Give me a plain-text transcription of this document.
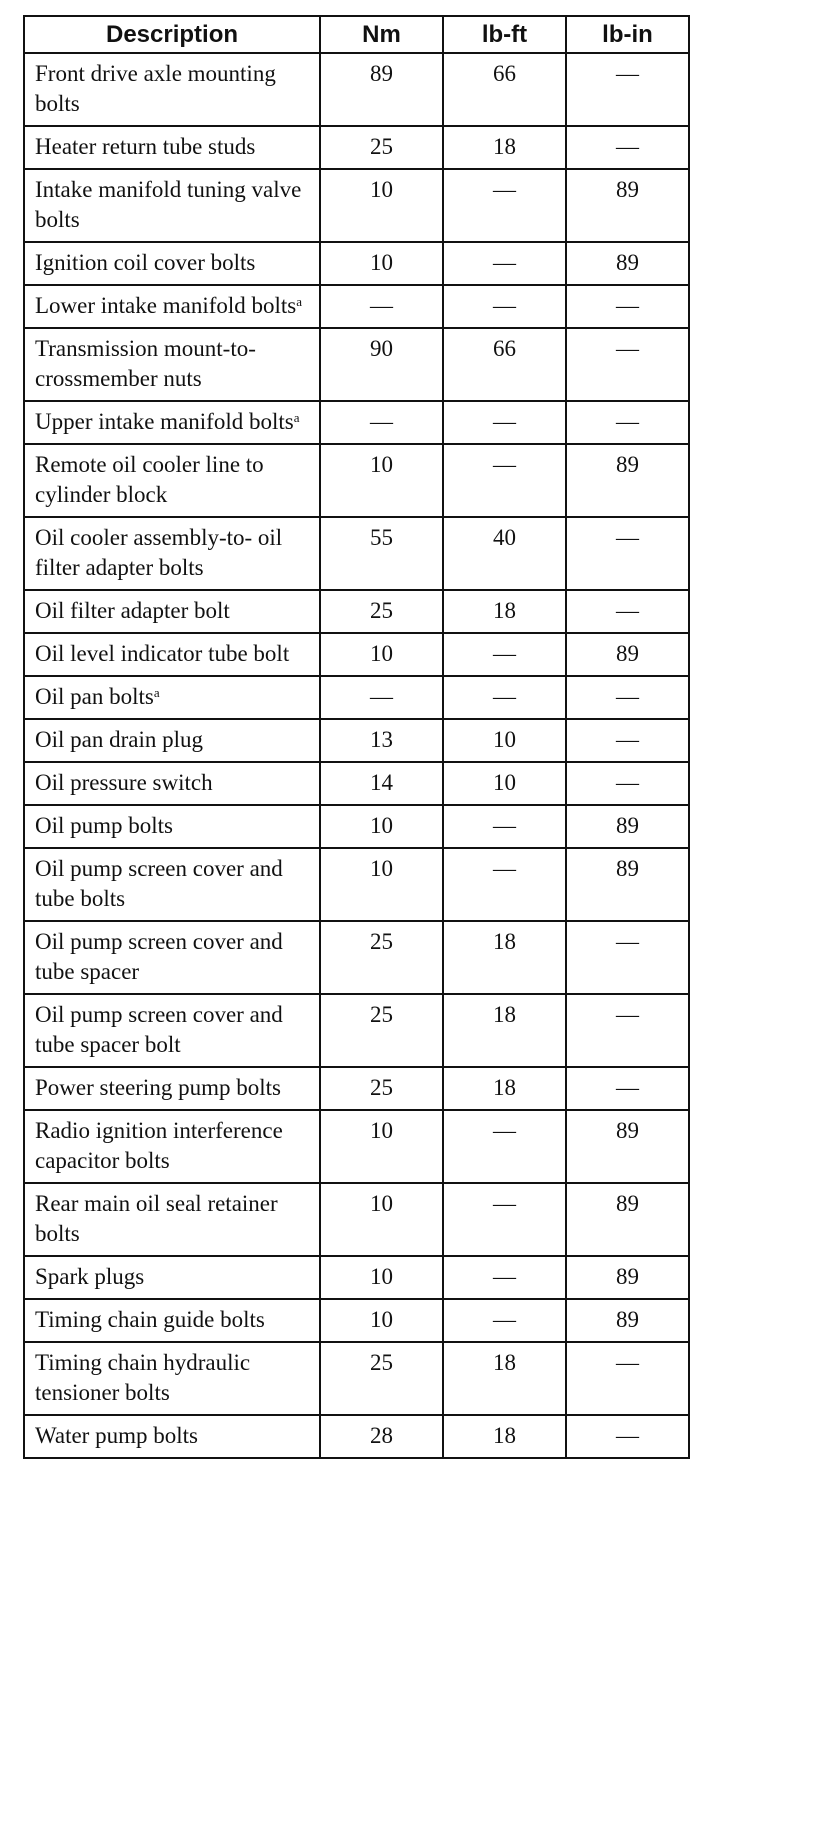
Description	Nm	lb-ft	lb-in
Front drive axle mounting bolts	89	66	—
Heater return tube studs	25	18	—
Intake manifold tuning valve bolts	10	—	89
Ignition coil cover bolts	10	—	89
Lower intake manifold bolts$^a$	—	—	—
Transmission mount-to-crossmember nuts	90	66	—
Upper intake manifold bolts$^a$	—	—	—
Remote oil cooler line to cylinder block	10	—	89
Oil cooler assembly-to- oil filter adapter bolts	55	40	—
Oil filter adapter bolt	25	18	—
Oil level indicator tube bolt	10	—	89
Oil pan bolts$^a$	—	—	—
Oil pan drain plug	13	10	—
Oil pressure switch	14	10	—
Oil pump bolts	10	—	89
Oil pump screen cover and tube bolts	10	—	89
Oil pump screen cover and tube spacer	25	18	—
Oil pump screen cover and tube spacer bolt	25	18	—
Power steering pump bolts	25	18	—
Radio ignition interference capacitor bolts	10	—	89
Rear main oil seal retainer bolts	10	—	89
Spark plugs	10	—	89
Timing chain guide bolts	10	—	89
Timing chain hydraulic tensioner bolts	25	18	—
Water pump bolts	28	18	—
